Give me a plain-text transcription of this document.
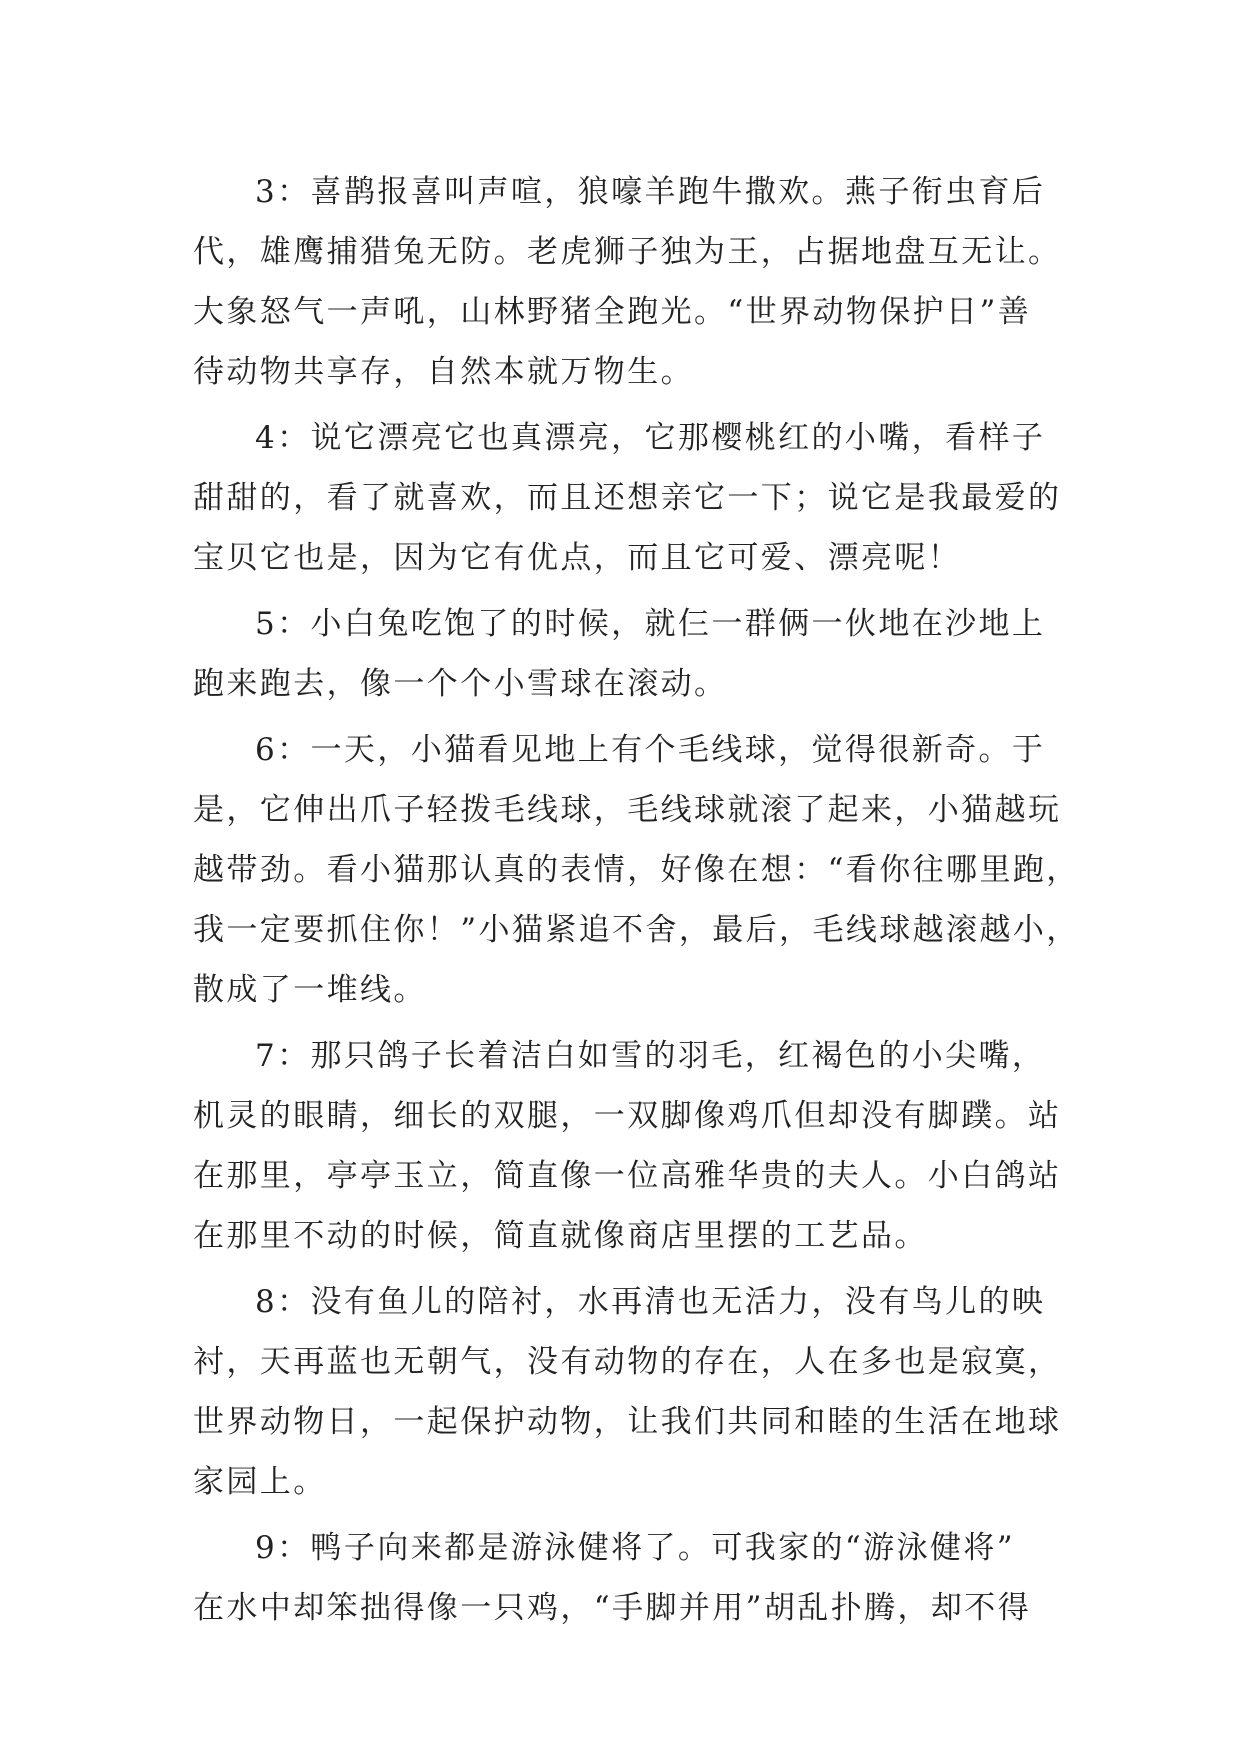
3：喜鹊报喜叫声喧，狼嚎羊跑牛撒欢。燕子衔虫育后
代，雄鹰捕猎兔无防。老虎狮子独为王，占据地盘互无让。
大象怒气一声吼，山林野猪全跑光。“世界动物保护日”善
待动物共享存，自然本就万物生。
4：说它漂亮它也真漂亮，它那樱桃红的小嘴，看样子
甜甜的，看了就喜欢，而且还想亲它一下；说它是我最爱的
宝贝它也是，因为它有优点，而且它可爱、漂亮呢！
5：小白兔吃饱了的时候，就仨一群俩一伙地在沙地上
跑来跑去，像一个个小雪球在滚动。
6：一天，小猫看见地上有个毛线球，觉得很新奇。于
是，它伸出爪子轻拨毛线球，毛线球就滚了起来，小猫越玩
越带劲。看小猫那认真的表情，好像在想：“看你往哪里跑，
我一定要抓住你！”小猫紧追不舍，最后，毛线球越滚越小，
散成了一堆线。
7：那只鸽子长着洁白如雪的羽毛，红褐色的小尖嘴，
机灵的眼睛，细长的双腿，一双脚像鸡爪但却没有脚蹼。站
在那里，亭亭玉立，简直像一位高雅华贵的夫人。小白鸽站
在那里不动的时候，简直就像商店里摆的工艺品。
8：没有鱼儿的陪衬，水再清也无活力，没有鸟儿的映
衬，天再蓝也无朝气，没有动物的存在，人在多也是寂寞，
世界动物日，一起保护动物，让我们共同和睦的生活在地球
家园上。
9：鸭子向来都是游泳健将了。可我家的“游泳健将”
在水中却笨拙得像一只鸡，“手脚并用”胡乱扑腾，却不得
